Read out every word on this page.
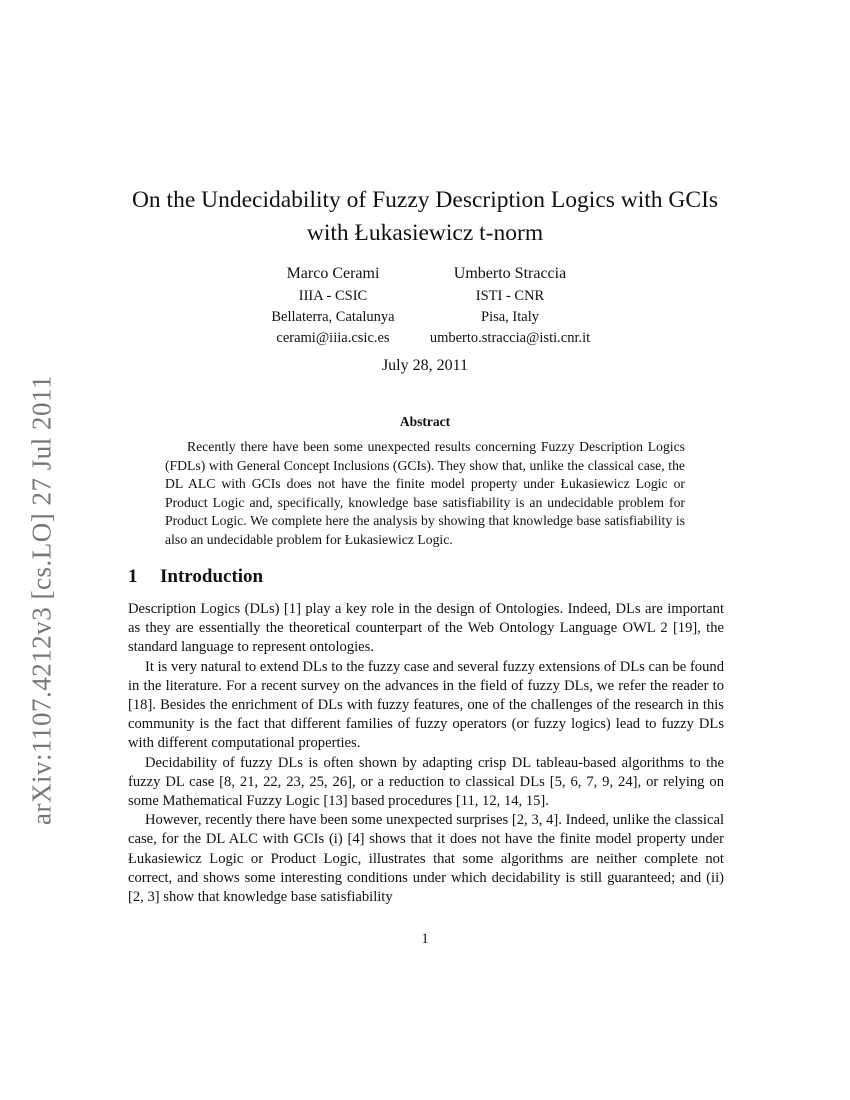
arXiv:1107.4212v3 [cs.LO] 27 Jul 2011
On the Undecidability of Fuzzy Description Logics with GCIs
with Łukasiewicz t-norm
Marco Cerami
IIIA - CSIC
Bellaterra, Catalunya
cerami@iiia.csic.es
Umberto Straccia
ISTI - CNR
Pisa, Italy
umberto.straccia@isti.cnr.it
July 28, 2011
Abstract

Recently there have been some unexpected results concerning Fuzzy Description Logics (FDLs) with General Concept Inclusions (GCIs). They show that, unlike the classical case, the DL ALC with GCIs does not have the finite model property under Łukasiewicz Logic or Product Logic and, specifically, knowledge base satisfiability is an undecidable problem for Product Logic. We complete here the analysis by showing that knowledge base satisfiability is also an undecidable problem for Łukasiewicz Logic.

1 Introduction

Description Logics (DLs) [1] play a key role in the design of Ontologies. Indeed, DLs are important as they are essentially the theoretical counterpart of the Web Ontology Language OWL 2 [19], the standard language to represent ontologies.

It is very natural to extend DLs to the fuzzy case and several fuzzy extensions of DLs can be found in the literature. For a recent survey on the advances in the field of fuzzy DLs, we refer the reader to [18]. Besides the enrichment of DLs with fuzzy features, one of the challenges of the research in this community is the fact that different families of fuzzy operators (or fuzzy logics) lead to fuzzy DLs with different computational properties.

Decidability of fuzzy DLs is often shown by adapting crisp DL tableau-based algorithms to the fuzzy DL case [8, 21, 22, 23, 25, 26], or a reduction to classical DLs [5, 6, 7, 9, 24], or relying on some Mathematical Fuzzy Logic [13] based procedures [11, 12, 14, 15].

However, recently there have been some unexpected surprises [2, 3, 4]. Indeed, unlike the classical case, for the DL ALC with GCIs (i) [4] shows that it does not have the finite model property under Łukasiewicz Logic or Product Logic, illustrates that some algorithms are neither complete not correct, and shows some interesting conditions under which decidability is still guaranteed; and (ii) [2, 3] show that knowledge base satisfiability

1
